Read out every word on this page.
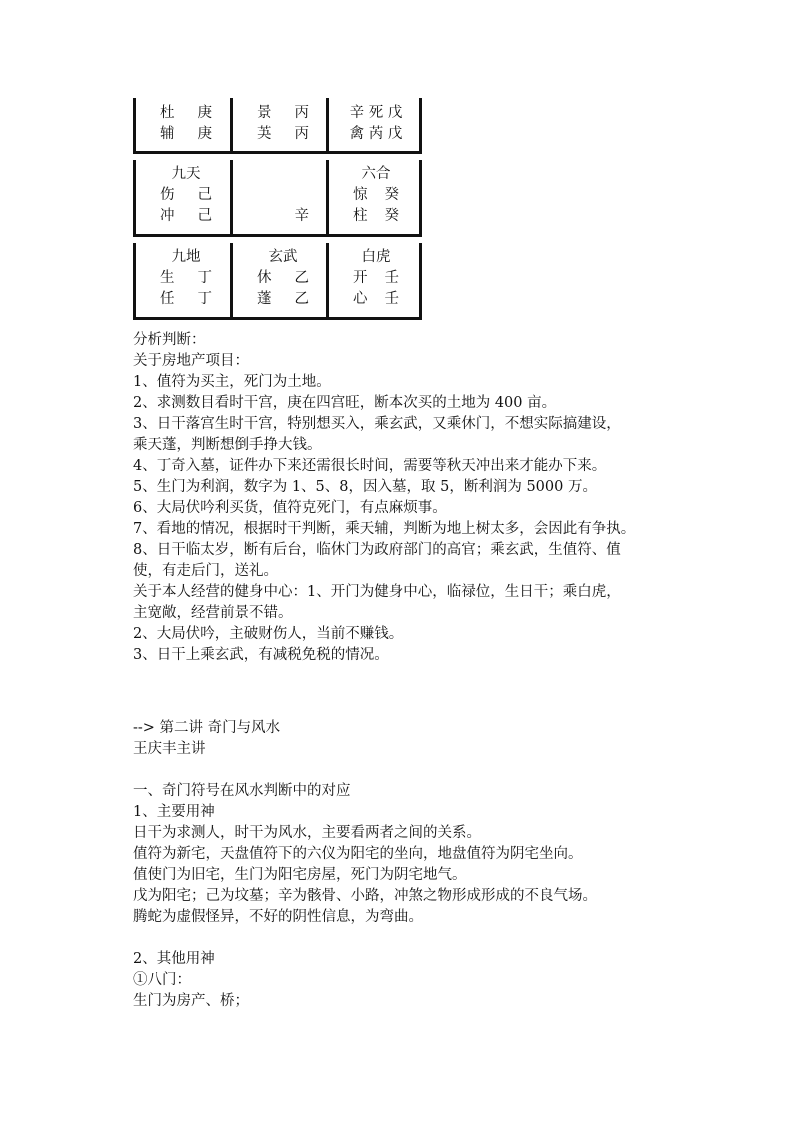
杜 庚
辅 庚
景 丙
芵 丙
辛 死 戊
禽 芮 戊
九天
伤 己
冲 己	辛
六合
惊 癸
柱 癸
九地
生 丁
任 丁
玄武
休 乙
蓬 乙
白虎
开 壬
心 壬
分析判断：
关于房地产项目：
1、值符为买主，死门为土地。
2、求测数目看时干宫，庚在四宫旺，断本次买的土地为 400 亩。
3、日干落宫生时干宫，特别想买入，乘玄武，又乘休门，不想实际搞建设，
乘天蓬，判断想倒手挣大钱。
4、丁奇入墓，证件办下来还需很长时间，需要等秋天冲出来才能办下来。
5、生门为利润，数字为 1、5、8，因入墓，取 5，断利润为 5000 万。
6、大局伏吟利买货，值符克死门，有点麻烦事。
7、看地的情况，根据时干判断，乘天辅，判断为地上树太多，会因此有争执。
8、日干临太岁，断有后台，临休门为政府部门的高官；乘玄武，生值符、值
使，有走后门，送礼。
关于本人经营的健身中心：1、开门为健身中心，临禄位，生日干；乘白虎，
主宽敞，经营前景不错。
2、大局伏吟，主破财伤人，当前不赚钱。
3、日干上乘玄武，有减税免税的情况。
--> 第二讲 奇门与风水
王庆丰主讲
一、奇门符号在风水判断中的对应
1、主要用神
日干为求测人，时干为风水，主要看两者之间的关系。
值符为新宅，天盘值符下的六仪为阳宅的坐向，地盘值符为阴宅坐向。
值使门为旧宅，生门为阳宅房屋，死门为阴宅地气。
戊为阳宅；己为坟墓；辛为骸骨、小路，冲煞之物形成形成的不良气场。
腾蛇为虚假怪异，不好的阴性信息，为弯曲。
2、其他用神
①八门：
生门为房产、桥；
